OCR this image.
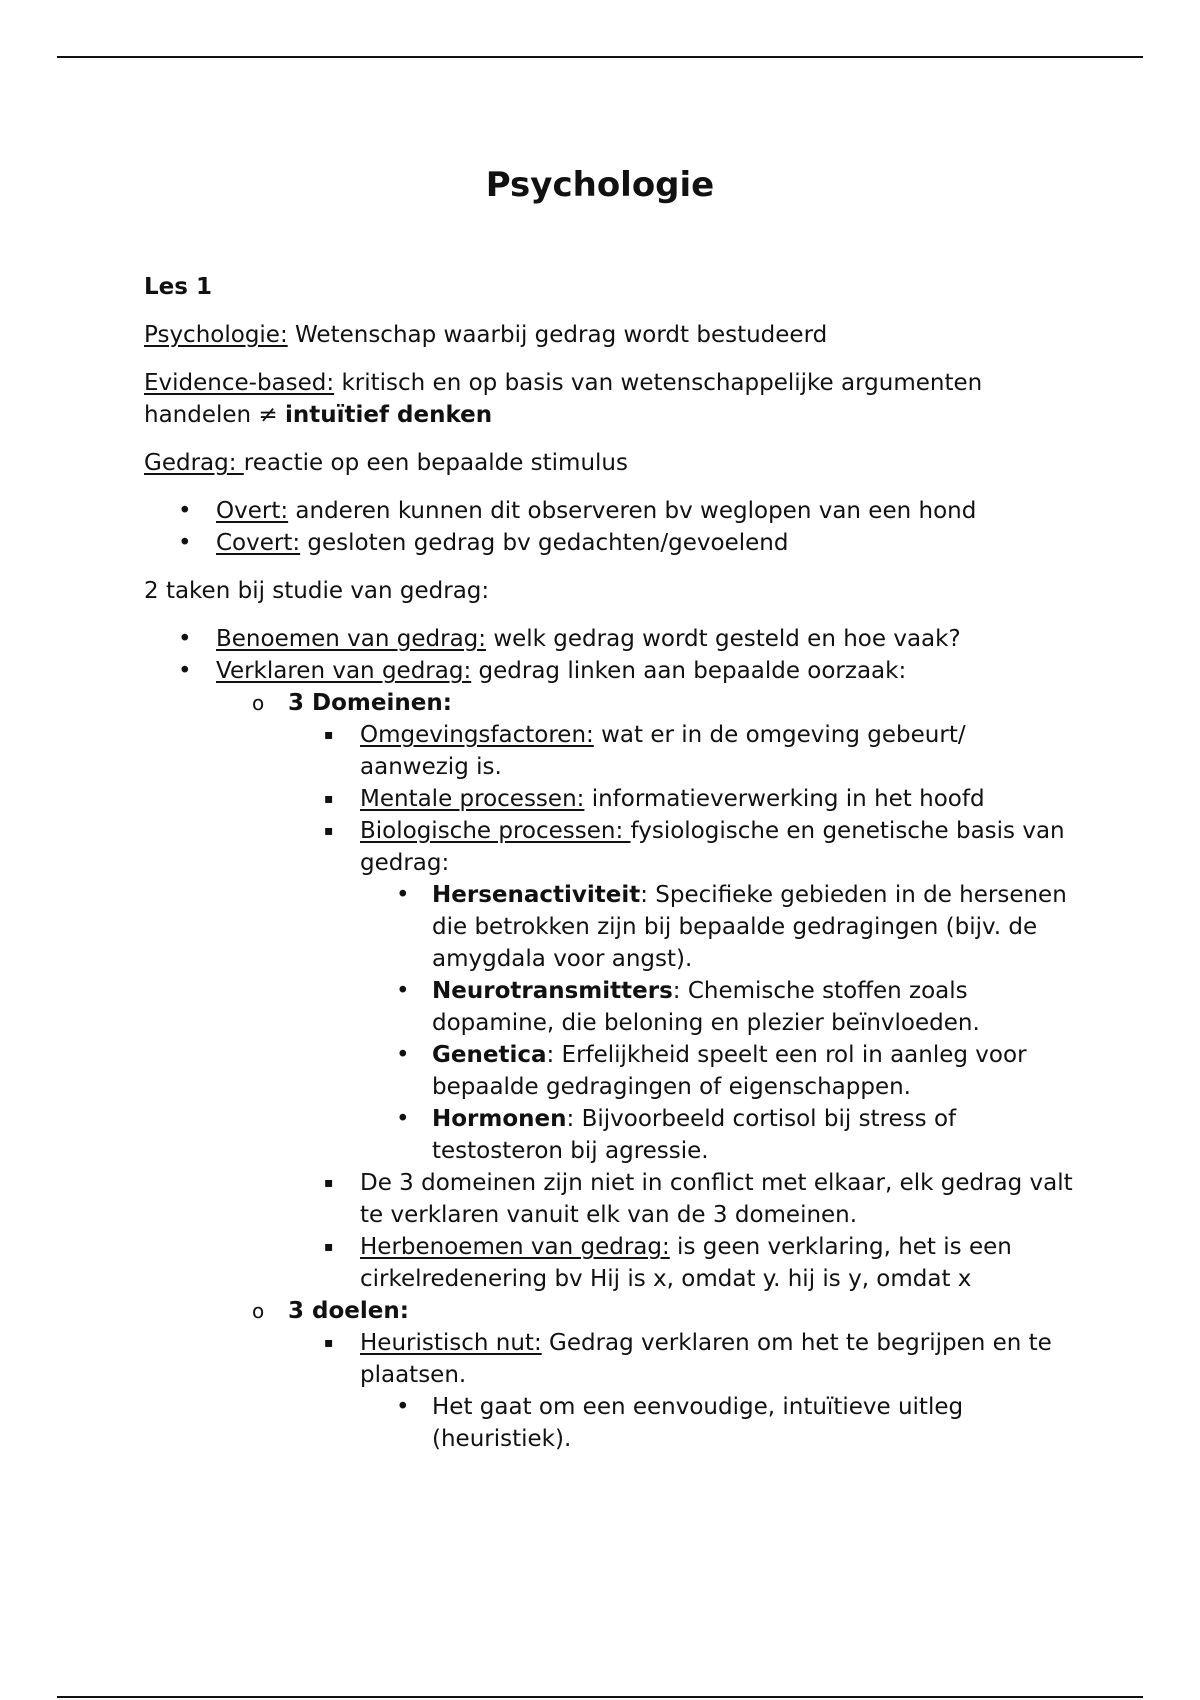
Psychologie

Les 1

Psychologie: Wetenschap waarbij gedrag wordt bestudeerd

Evidence-based: kritisch en op basis van wetenschappelijke argumenten handelen ≠ intuïtief denken

Gedrag: reactie op een bepaalde stimulus

• Overt: anderen kunnen dit observeren bv weglopen van een hond
• Covert: gesloten gedrag bv gedachten/gevoelend

2 taken bij studie van gedrag:

• Benoemen van gedrag: welk gedrag wordt gesteld en hoe vaak?
• Verklaren van gedrag: gedrag linken aan bepaalde oorzaak:
o 3 Domeinen:
▪ Omgevingsfactoren: wat er in de omgeving gebeurt/ aanwezig is.
▪ Mentale processen: informatieverwerking in het hoofd
▪ Biologische processen: fysiologische en genetische basis van gedrag:
• Hersenactiviteit: Specifieke gebieden in de hersenen die betrokken zijn bij bepaalde gedragingen (bijv. de amygdala voor angst).
• Neurotransmitters: Chemische stoffen zoals dopamine, die beloning en plezier beïnvloeden.
• Genetica: Erfelijkheid speelt een rol in aanleg voor bepaalde gedragingen of eigenschappen.
• Hormonen: Bijvoorbeeld cortisol bij stress of testosteron bij agressie.
▪ De 3 domeinen zijn niet in conflict met elkaar, elk gedrag valt te verklaren vanuit elk van de 3 domeinen.
▪ Herbenoemen van gedrag: is geen verklaring, het is een cirkelredenering bv Hij is x, omdat y. hij is y, omdat x
o 3 doelen:
▪ Heuristisch nut: Gedrag verklaren om het te begrijpen en te plaatsen.
• Het gaat om een eenvoudige, intuïtieve uitleg (heuristiek).
